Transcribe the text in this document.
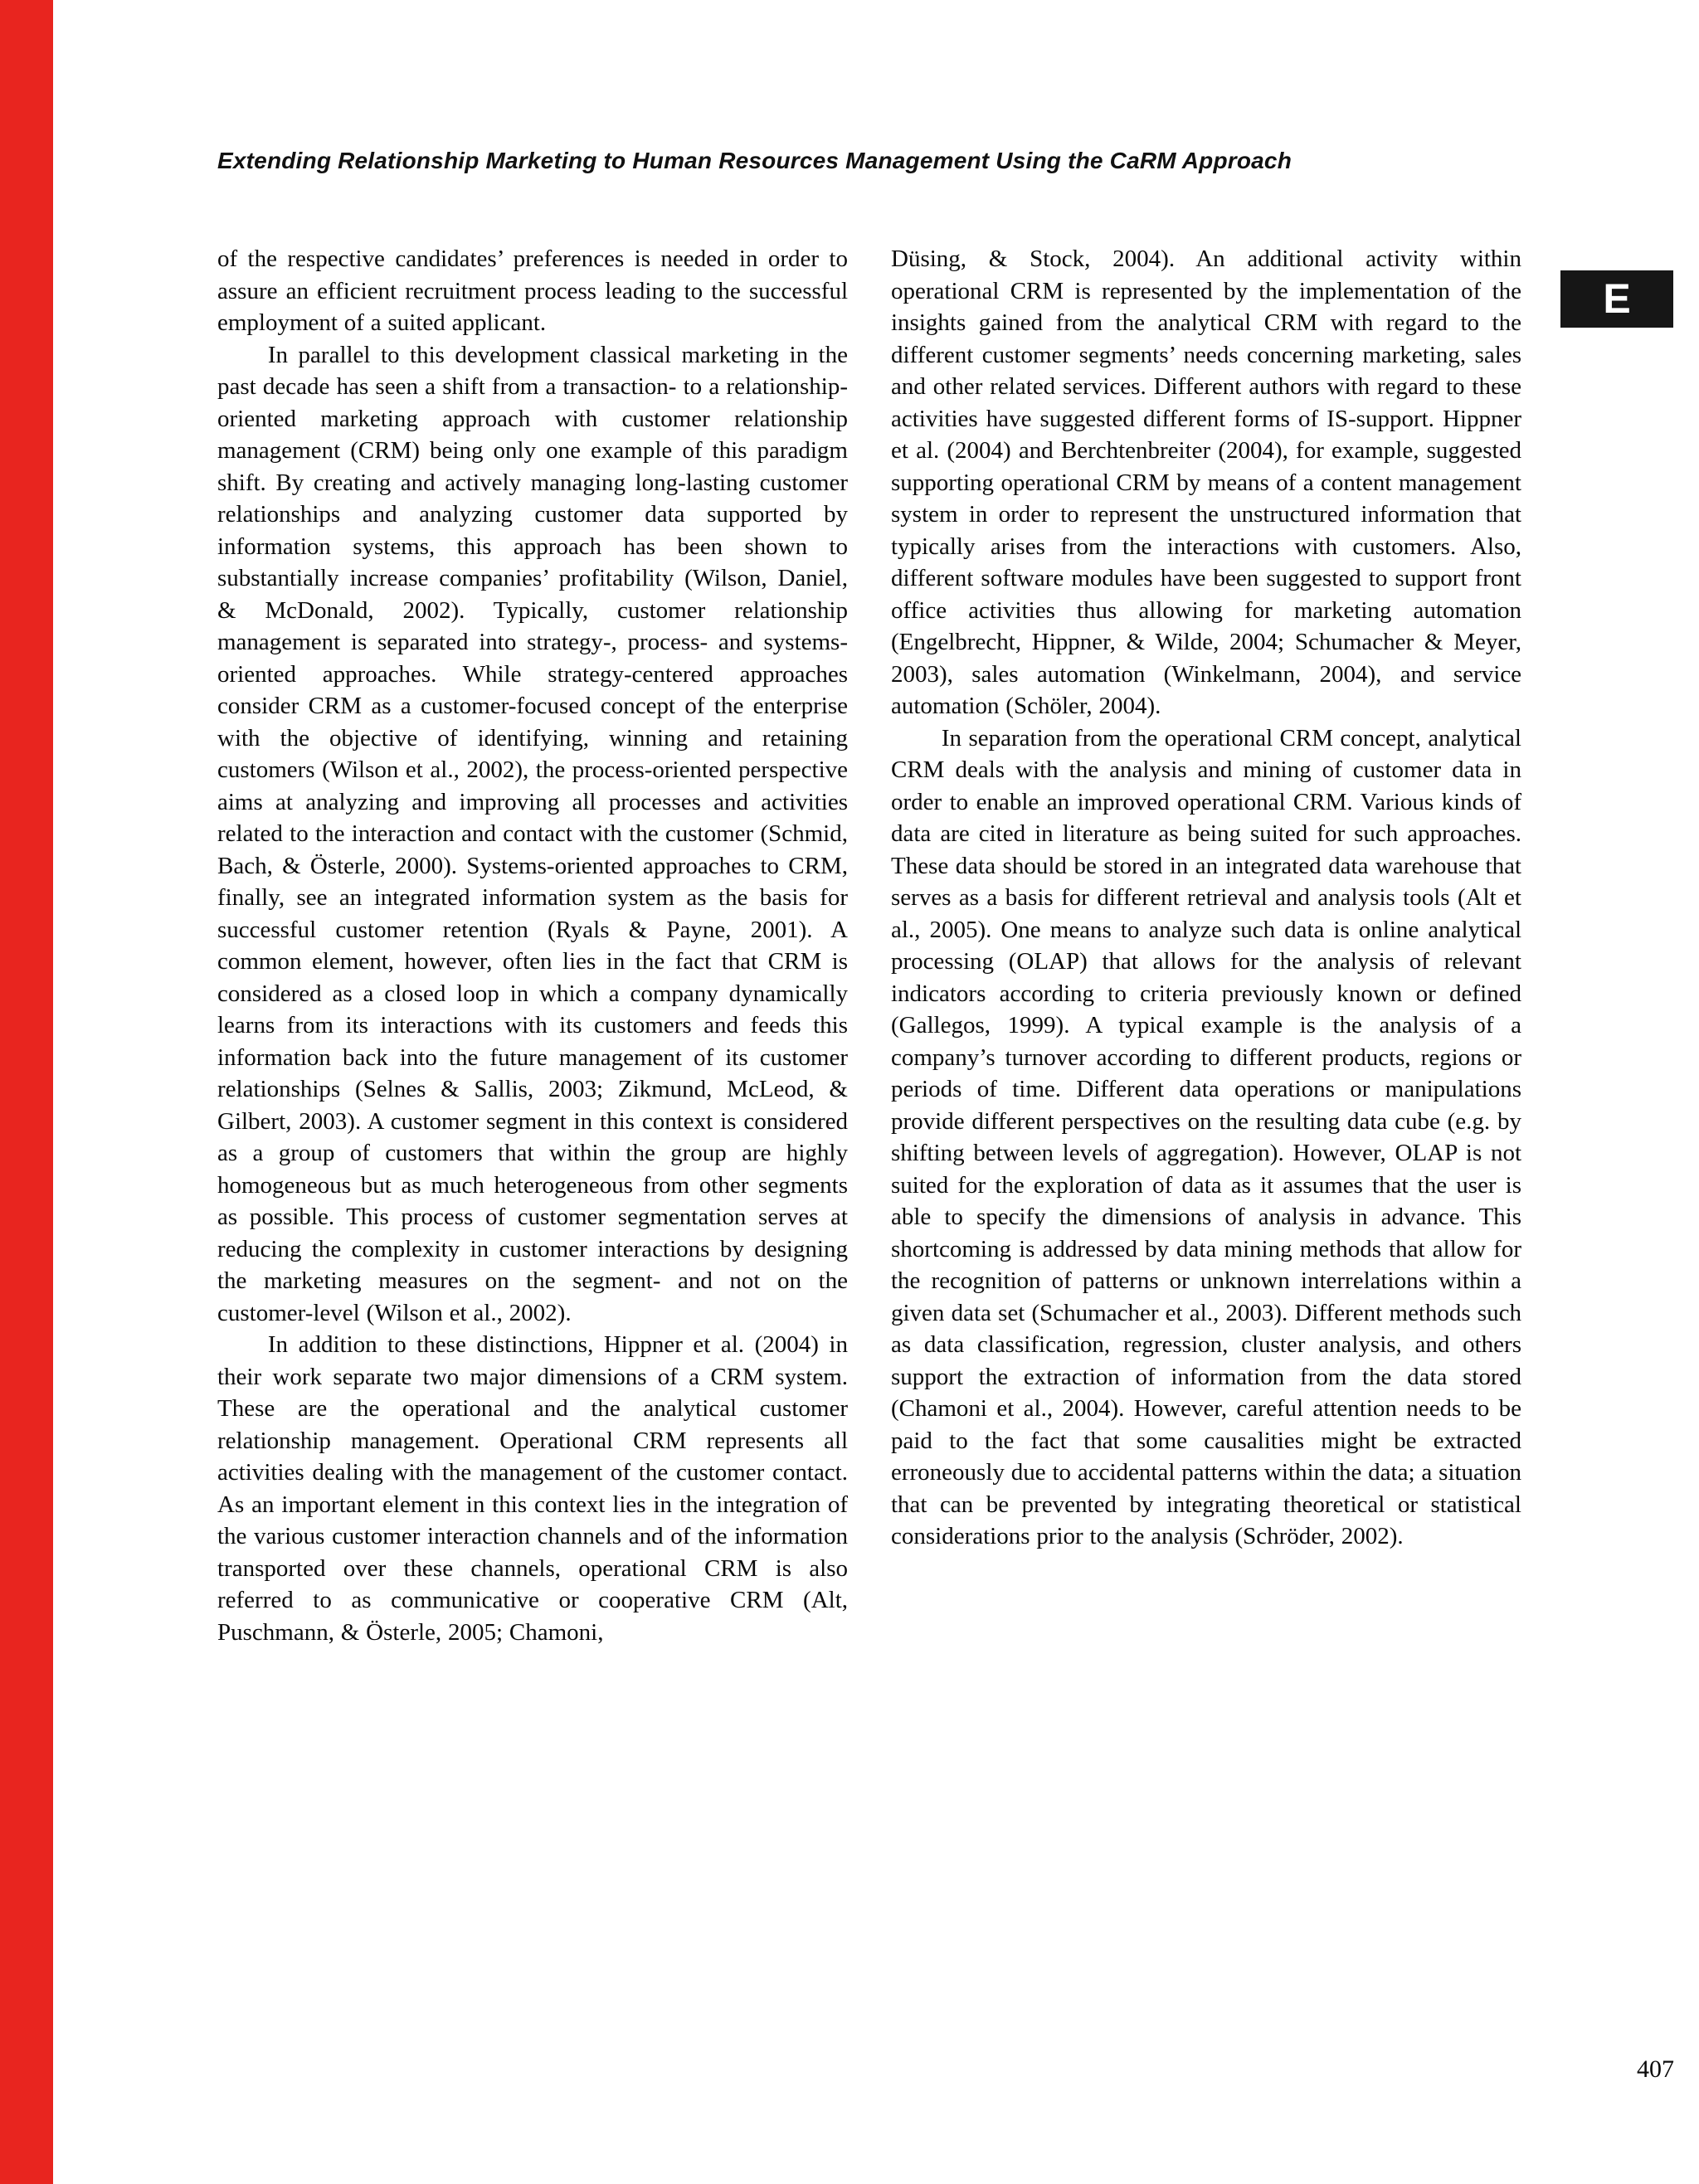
Extending Relationship Marketing to Human Resources Management Using the CaRM Approach
E

of the respective candidates’ preferences is needed in order to assure an efficient recruitment process leading to the successful employment of a suited applicant.

In parallel to this development classical marketing in the past decade has seen a shift from a transaction- to a relationship-oriented marketing approach with customer relationship management (CRM) being only one example of this paradigm shift. By creating and actively managing long-lasting customer relationships and analyzing customer data supported by information systems, this approach has been shown to substantially increase companies’ profitability (Wilson, Daniel, & McDonald, 2002). Typically, customer relationship management is separated into strategy-, process- and systems-oriented approaches. While strategy-centered approaches consider CRM as a customer-focused concept of the enterprise with the objective of identifying, winning and retaining customers (Wilson et al., 2002), the process-oriented perspective aims at analyzing and improving all processes and activities related to the interaction and contact with the customer (Schmid, Bach, & Österle, 2000). Systems-oriented approaches to CRM, finally, see an integrated information system as the basis for successful customer retention (Ryals & Payne, 2001). A common element, however, often lies in the fact that CRM is considered as a closed loop in which a company dynamically learns from its interactions with its customers and feeds this information back into the future management of its customer relationships (Selnes & Sallis, 2003; Zikmund, McLeod, & Gilbert, 2003). A customer segment in this context is considered as a group of customers that within the group are highly homogeneous but as much heterogeneous from other segments as possible. This process of customer segmentation serves at reducing the complexity in customer interactions by designing the marketing measures on the segment- and not on the customer-level (Wilson et al., 2002).

In addition to these distinctions, Hippner et al. (2004) in their work separate two major dimensions of a CRM system. These are the operational and the analytical customer relationship management. Operational CRM represents all activities dealing with the management of the customer contact. As an important element in this context lies in the integration of the various customer interaction channels and of the information transported over these channels, operational CRM is also referred to as communicative or cooperative CRM (Alt, Puschmann, & Österle, 2005; Chamoni,

Düsing, & Stock, 2004). An additional activity within operational CRM is represented by the implementation of the insights gained from the analytical CRM with regard to the different customer segments’ needs concerning marketing, sales and other related services. Different authors with regard to these activities have suggested different forms of IS-support. Hippner et al. (2004) and Berchtenbreiter (2004), for example, suggested supporting operational CRM by means of a content management system in order to represent the unstructured information that typically arises from the interactions with customers. Also, different software modules have been suggested to support front office activities thus allowing for marketing automation (Engelbrecht, Hippner, & Wilde, 2004; Schumacher & Meyer, 2003), sales automation (Winkelmann, 2004), and service automation (Schöler, 2004).

In separation from the operational CRM concept, analytical CRM deals with the analysis and mining of customer data in order to enable an improved operational CRM. Various kinds of data are cited in literature as being suited for such approaches. These data should be stored in an integrated data warehouse that serves as a basis for different retrieval and analysis tools (Alt et al., 2005). One means to analyze such data is online analytical processing (OLAP) that allows for the analysis of relevant indicators according to criteria previously known or defined (Gallegos, 1999). A typical example is the analysis of a company’s turnover according to different products, regions or periods of time. Different data operations or manipulations provide different perspectives on the resulting data cube (e.g. by shifting between levels of aggregation). However, OLAP is not suited for the exploration of data as it assumes that the user is able to specify the dimensions of analysis in advance. This shortcoming is addressed by data mining methods that allow for the recognition of patterns or unknown interrelations within a given data set (Schumacher et al., 2003). Different methods such as data classification, regression, cluster analysis, and others support the extraction of information from the data stored (Chamoni et al., 2004). However, careful attention needs to be paid to the fact that some causalities might be extracted erroneously due to accidental patterns within the data; a situation that can be prevented by integrating theoretical or statistical considerations prior to the analysis (Schröder, 2002).

407
